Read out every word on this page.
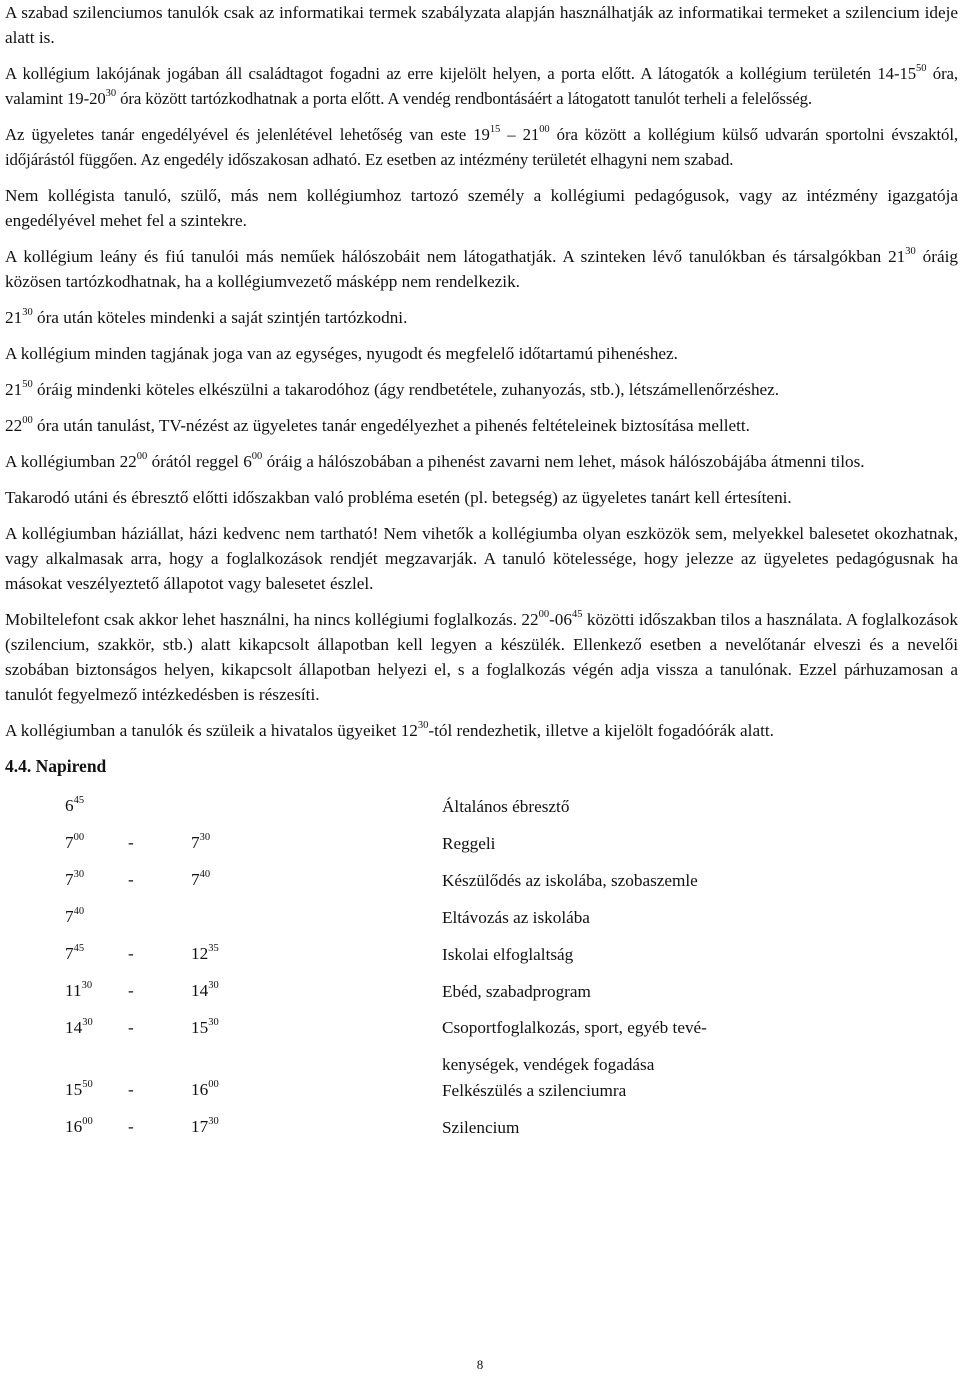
A szabad szilenciumos tanulók csak az informatikai termek szabályzata alapján használhatják az informatikai termeket a szilencium ideje alatt is.

A kollégium lakójának jogában áll családtagot fogadni az erre kijelölt helyen, a porta előtt. A látogatók a kollégium területén $14-15^{50}$ óra, valamint $19-20^{30}$ óra között tartózkodhatnak a porta előtt. A vendég rendbontásáért a látogatott tanulót terheli a felelősség.

Az ügyeletes tanár engedélyével és jelenlétével lehetőség van este $19^{15} - 21^{00}$ óra között a kollégium külső udvarán sportolni évszaktól, időjárástól függően. Az engedély időszakosan adható. Ez esetben az intézmény területét elhagyni nem szabad.

Nem kollégista tanuló, szülő, más nem kollégiumhoz tartozó személy a kollégiumi pedagógusok, vagy az intézmény igazgatója engedélyével mehet fel a szintekre.

A kollégium leány és fiú tanulói más neműek hálószobáit nem látogathatják. A szinteken lévő tanulókban és társalgókban $21^{30}$ óráig közösen tartózkodhatnak, ha a kollégiumvezető másképp nem rendelkezik.

$21^{30}$ óra után köteles mindenki a saját szintjén tartózkodni.

A kollégium minden tagjának joga van az egységes, nyugodt és megfelelő időtartamú pihenéshez.

$21^{50}$ óráig mindenki köteles elkészülni a takarodóhoz (ágy rendbetétele, zuhanyozás, stb.), létszámellenőrzéshez.

$22^{00}$ óra után tanulást, TV-nézést az ügyeletes tanár engedélyezhet a pihenés feltételeinek biztosítása mellett.

A kollégiumban $22^{00}$ órától reggel $6^{00}$ óráig a hálószobában a pihenést zavarni nem lehet, mások hálószobájába átmenni tilos.

Takarodó utáni és ébresztő előtti időszakban való probléma esetén (pl. betegség) az ügyeletes tanárt kell értesíteni.

A kollégiumban háziállat, házi kedvenc nem tartható! Nem vihetők a kollégiumba olyan eszközök sem, melyekkel balesetet okozhatnak, vagy alkalmasak arra, hogy a foglalkozások rendjét megzavarják. A tanuló kötelessége, hogy jelezze az ügyeletes pedagógusnak ha másokat veszélyeztető állapotot vagy balesetet észlel.

Mobiltelefont csak akkor lehet használni, ha nincs kollégiumi foglalkozás. $22^{00}-06^{45}$ közötti időszakban tilos a használata. A foglalkozások (szilencium, szakkör, stb.) alatt kikapcsolt állapotban kell legyen a készülék. Ellenkező esetben a nevelőtanár elveszi és a nevelői szobában biztonságos helyen, kikapcsolt állapotban helyezi el, s a foglalkozás végén adja vissza a tanulónak. Ezzel párhuzamosan a tanulót fegyelmező intézkedésben is részesíti.

A kollégiumban a tanulók és szüleik a hivatalos ügyeiket $12^{30}$-tól rendezhetik, illetve a kijelölt fogadóórák alatt.

4.4. Napirend
$6^{45}$	Általános ébresztő
$7^{00}$	-	$7^{30}$	Reggeli
$7^{30}$	-	$7^{40}$	Készülődés az iskolába, szobaszemle
$7^{40}$	Eltávozás az iskolába
$7^{45}$	-	$12^{35}$	Iskolai elfoglaltság
$11^{30}$ -	$14^{30}$	Ebéd, szabadprogram
$14^{30}$ -	$15^{30}$	Csoportfoglalkozás, sport, egyéb tevé-
kenységek, vendégek fogadása
$15^{50}$ -	$16^{00}$	Felkészülés a szilenciumra
$16^{00}$ -	$17^{30}$	Szilencium
8
